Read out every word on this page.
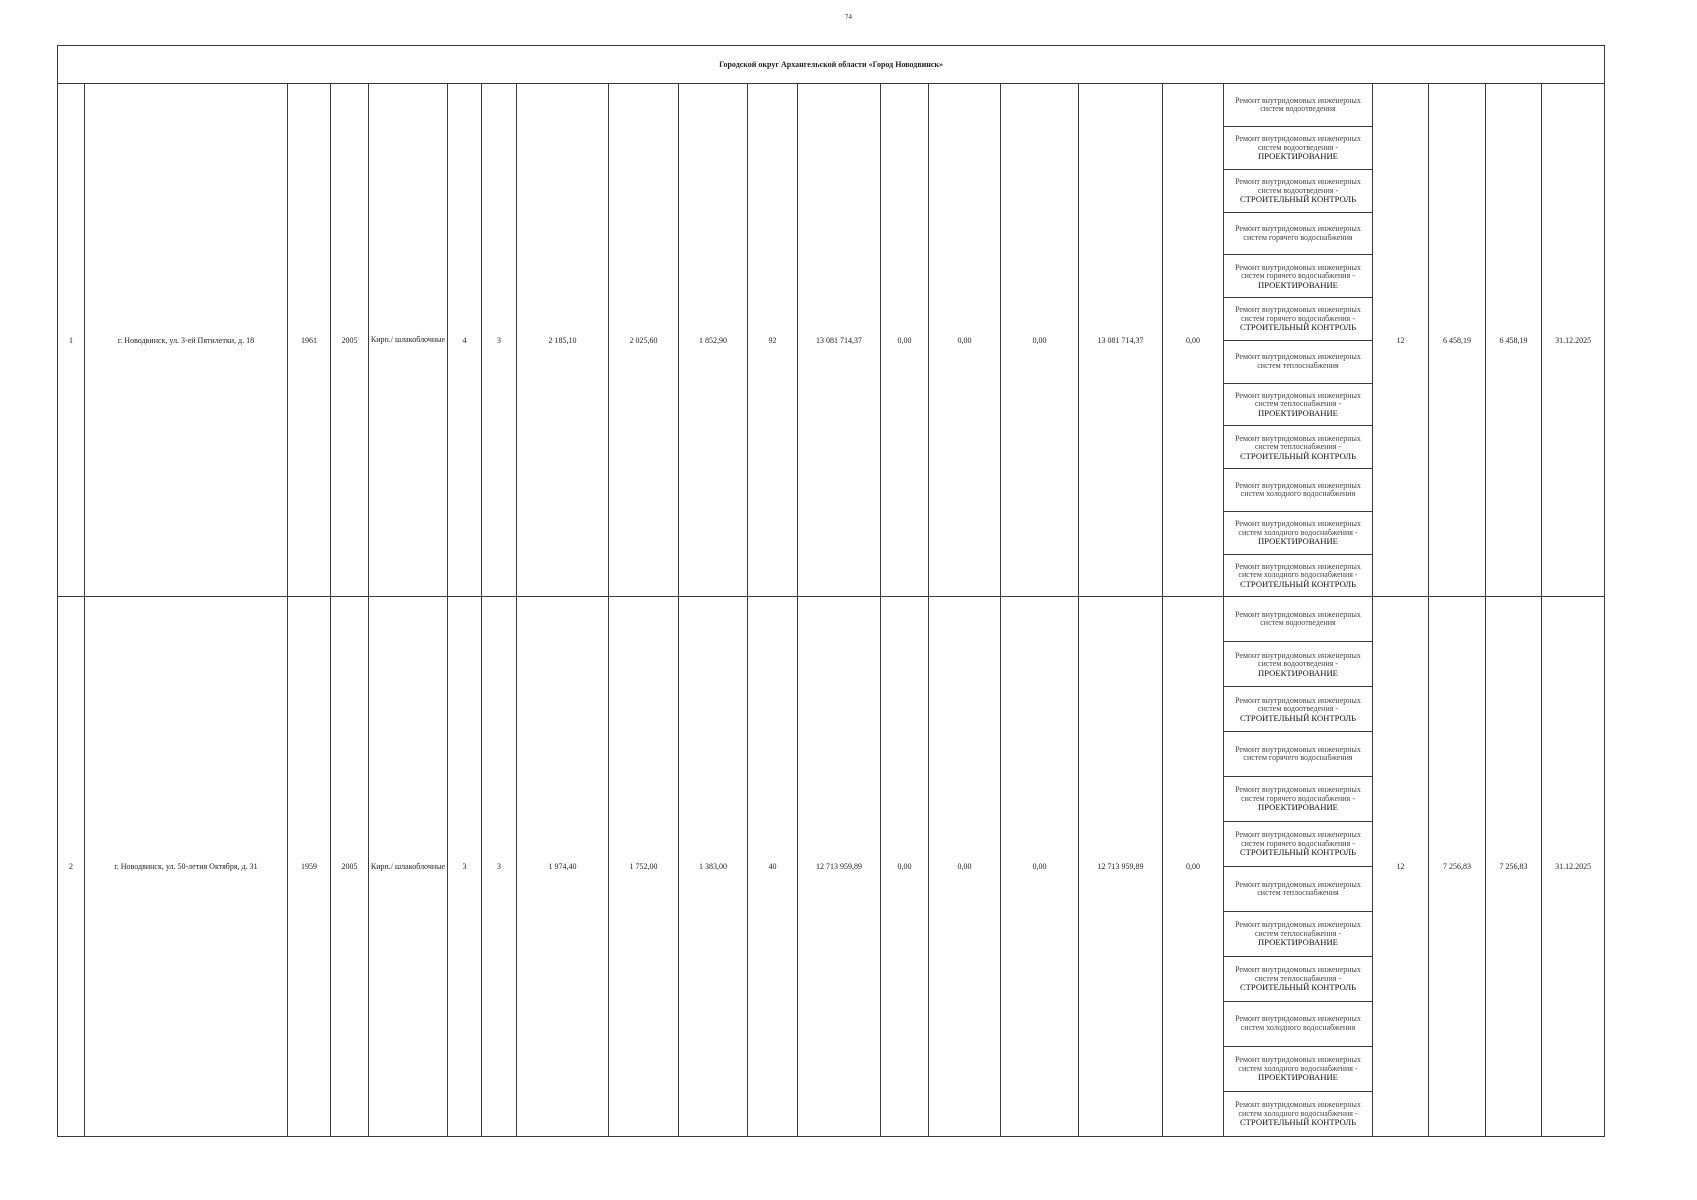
74
Городской округ Архангельской области «Город Новодвинск»																					
1	г. Новодвинск, ул. 3-ей Пятилетки, д. 18	1961	2005	Кирп./ шлакоблочные	4	3	2 185,10	2 025,60	1 852,90	92	13 081 714,37	0,00	0,00	0,00	13 081 714,37	0,00	Ремонт внутридомовых инженерных систем водоотведения	12	6 458,19	6 458,19	31.12.2025

																	Ремонт внутридомовых инженерных систем водоотведения -
ПРОЕКТИРОВАНИЕ				

																	Ремонт внутридомовых инженерных систем водоотведения -
СТРОИТЕЛЬНЫЙ КОНТРОЛЬ				

																	Ремонт внутридомовых инженерных систем горячего водоснабжения				

																	Ремонт внутридомовых инженерных систем горячего водоснабжения -
ПРОЕКТИРОВАНИЕ				

																	Ремонт внутридомовых инженерных систем горячего водоснабжения -
СТРОИТЕЛЬНЫЙ КОНТРОЛЬ				

																	Ремонт внутридомовых инженерных систем теплоснабжения				

																	Ремонт внутридомовых инженерных систем теплоснабжения -
ПРОЕКТИРОВАНИЕ				

																	Ремонт внутридомовых инженерных систем теплоснабжения -
СТРОИТЕЛЬНЫЙ КОНТРОЛЬ				

																	Ремонт внутридомовых инженерных систем холодного водоснабжения				

																	Ремонт внутридомовых инженерных систем холодного водоснабжения -
ПРОЕКТИРОВАНИЕ				

																	Ремонт внутридомовых инженерных систем холодного водоснабжения -
СТРОИТЕЛЬНЫЙ КОНТРОЛЬ				

2	г. Новодвинск, ул. 50-летия Октября, д. 31	1959	2005	Кирп./ шлакоблочные	3	3	1 974,40	1 752,00	1 383,00	40	12 713 959,89	0,00	0,00	0,00	12 713 959,89	0,00	Ремонт внутридомовых инженерных систем водоотведения	12	7 256,83	7 256,83	31.12.2025

																	Ремонт внутридомовых инженерных систем водоотведения -
ПРОЕКТИРОВАНИЕ				

																	Ремонт внутридомовых инженерных систем водоотведения -
СТРОИТЕЛЬНЫЙ КОНТРОЛЬ				

																	Ремонт внутридомовых инженерных систем горячего водоснабжения				

																	Ремонт внутридомовых инженерных систем горячего водоснабжения -
ПРОЕКТИРОВАНИЕ				

																	Ремонт внутридомовых инженерных систем горячего водоснабжения -
СТРОИТЕЛЬНЫЙ КОНТРОЛЬ				

																	Ремонт внутридомовых инженерных систем теплоснабжения				

																	Ремонт внутридомовых инженерных систем теплоснабжения -
ПРОЕКТИРОВАНИЕ				

																	Ремонт внутридомовых инженерных систем теплоснабжения -
СТРОИТЕЛЬНЫЙ КОНТРОЛЬ				

																	Ремонт внутридомовых инженерных систем холодного водоснабжения				

																	Ремонт внутридомовых инженерных систем холодного водоснабжения -
ПРОЕКТИРОВАНИЕ				

																	Ремонт внутридомовых инженерных систем холодного водоснабжения -
СТРОИТЕЛЬНЫЙ КОНТРОЛЬ				
